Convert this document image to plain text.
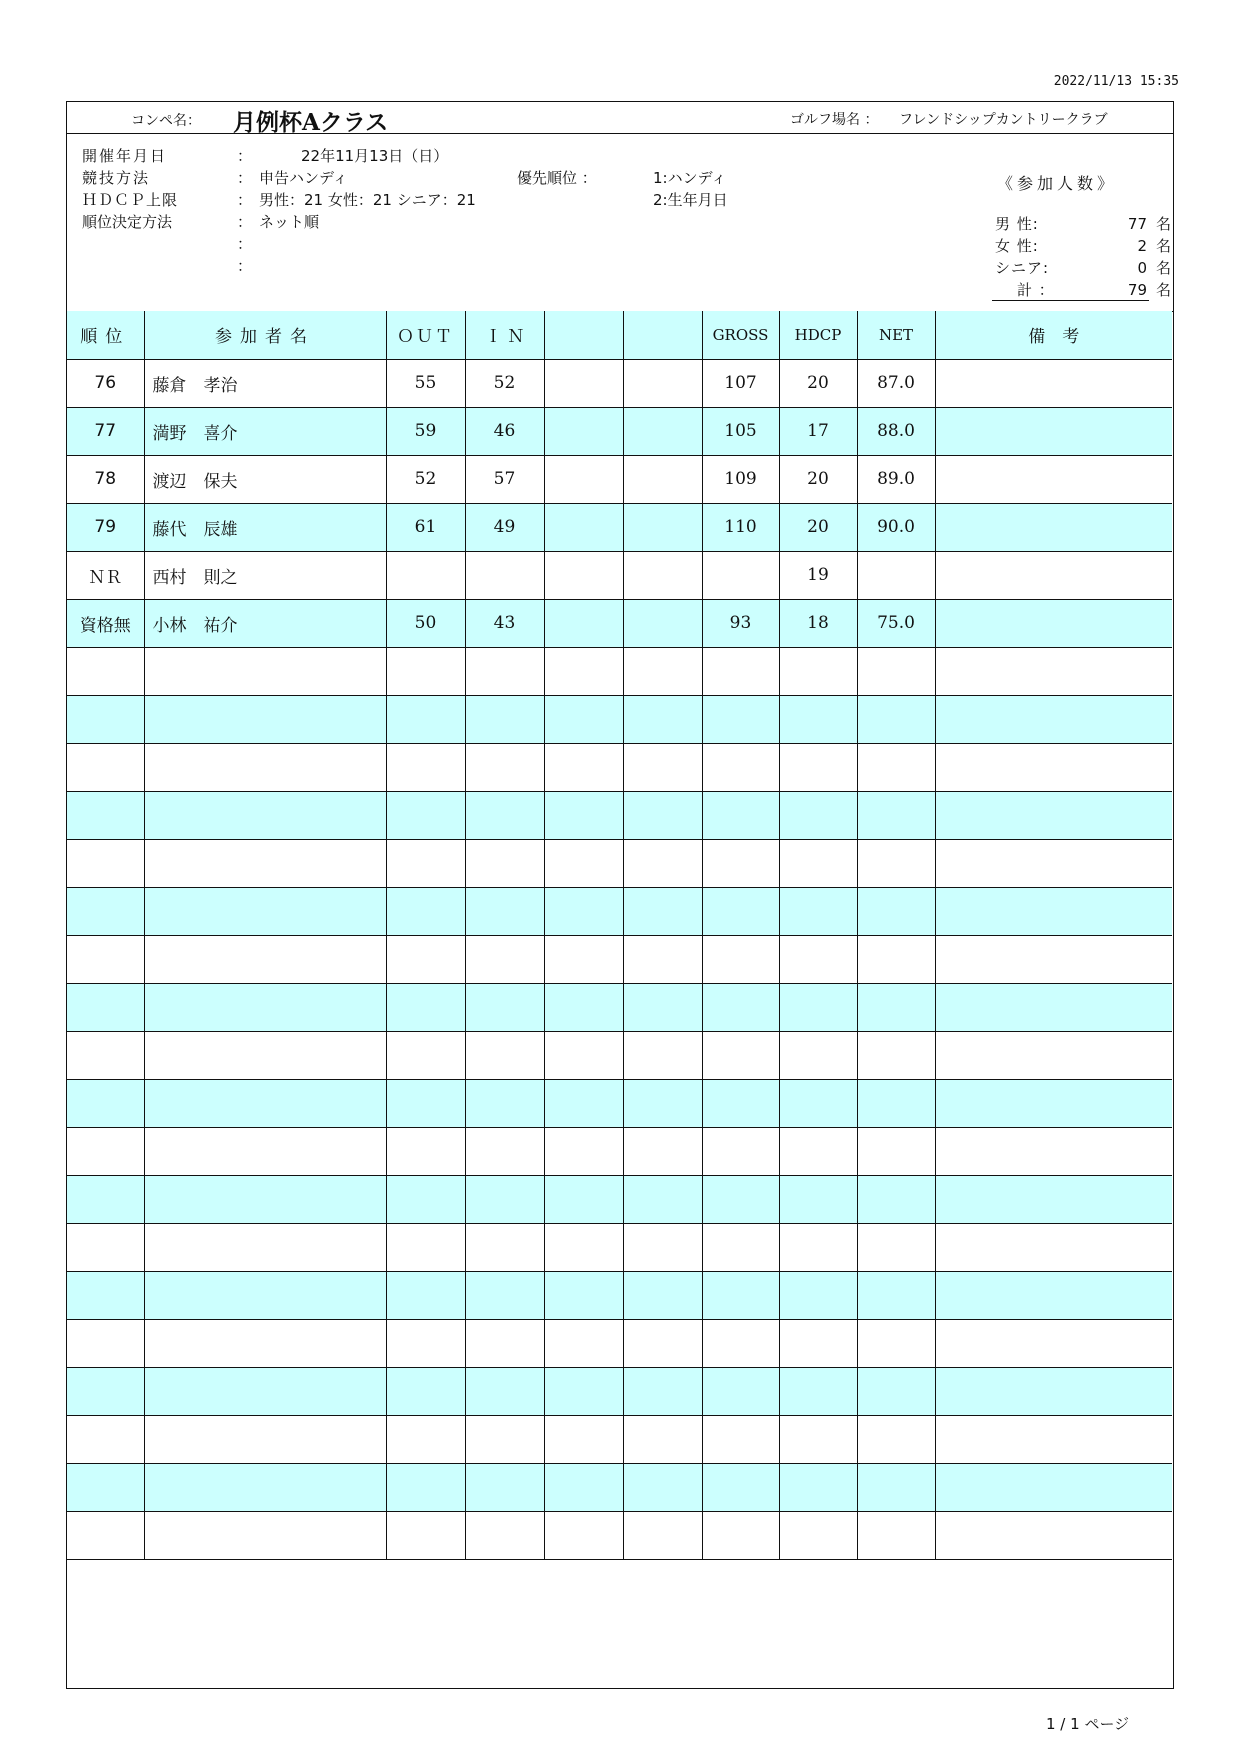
2022/11/13 15:35
コンペ名： 月例杯Aクラス	ゴルフ場名 ： フレンドシップカントリークラブ
開催年月日	：	22年11月13日（日）
競技方法	： 申告ハンディ	優先順位 ：	1:ハンディ
ＨＤＣＰ上限	： 男性：21 女性：21 シニア：21	2:生年月日
順位決定方法	： ネット順
：
：
《参加人数》
男 性:	77 名
女 性:	2 名
シニア:	0 名
計 ：	79 名
順位	参加者名	ＯＵＴ	Ｉ Ｎ			GROSS	HDCP	NET	備　考
76	藤倉　孝治	55	52			107	20	87.0	
77	満野　喜介	59	46			105	17	88.0	
78	渡辺　保夫	52	57			109	20	89.0	
79	藤代　辰雄	61	49			110	20	90.0	
ＮＲ	西村　則之						19		
資格無	小林　祐介	50	43			93	18	75.0	

1 / 1 ページ
